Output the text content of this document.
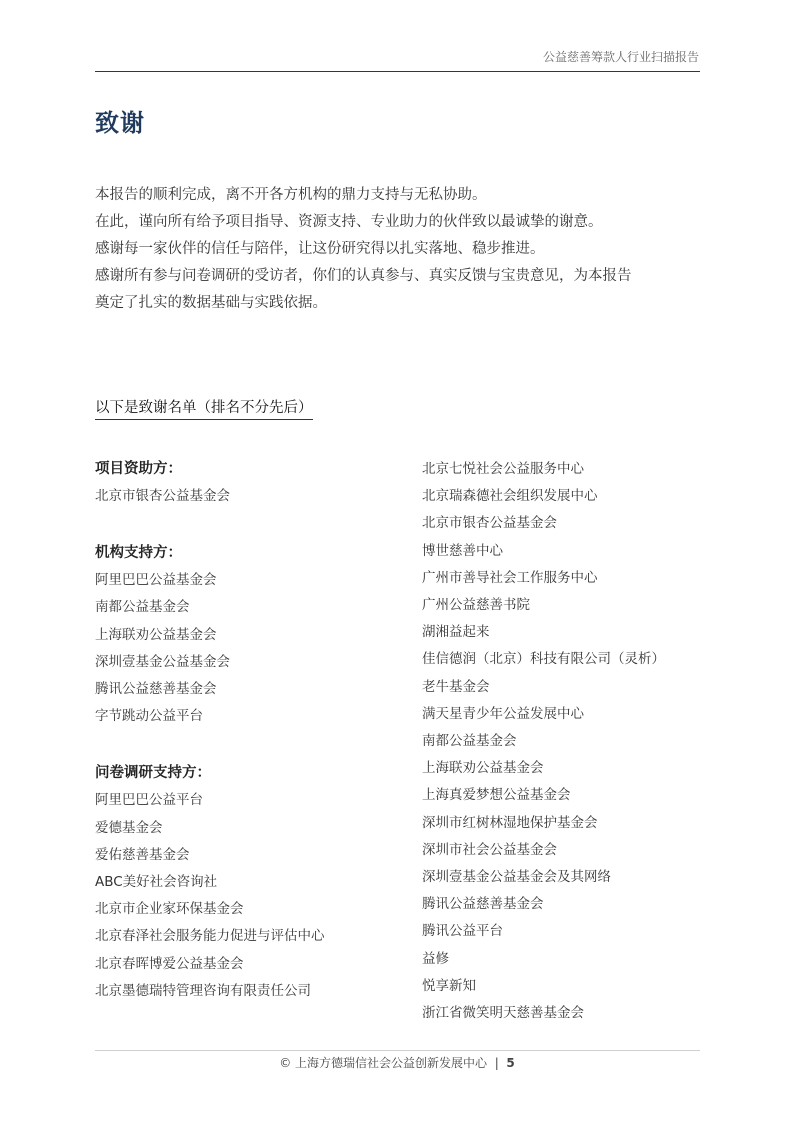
公益慈善筹款人行业扫描报告
致谢

本报告的顺利完成，离不开各方机构的鼎力支持与无私协助。

在此，谨向所有给予项目指导、资源支持、专业助力的伙伴致以最诚挚的谢意。

感谢每一家伙伴的信任与陪伴，让这份研究得以扎实落地、稳步推进。

感谢所有参与问卷调研的受访者，你们的认真参与、真实反馈与宝贵意见，为本报告

奠定了扎实的数据基础与实践依据。

以下是致谢名单（排名不分先后）

项目资助方：

北京市银杏公益基金会

机构支持方：

阿里巴巴公益基金会

南都公益基金会

上海联劝公益基金会

深圳壹基金公益基金会

腾讯公益慈善基金会

字节跳动公益平台

问卷调研支持方：

阿里巴巴公益平台

爱德基金会

爱佑慈善基金会

ABC美好社会咨询社

北京市企业家环保基金会

北京春泽社会服务能力促进与评估中心

北京春晖博爱公益基金会

北京墨德瑞特管理咨询有限责任公司

北京七悦社会公益服务中心

北京瑞森德社会组织发展中心

北京市银杏公益基金会

博世慈善中心

广州市善导社会工作服务中心

广州公益慈善书院

湖湘益起来

佳信德润（北京）科技有限公司（灵析）

老牛基金会

满天星青少年公益发展中心

南都公益基金会

上海联劝公益基金会

上海真爱梦想公益基金会

深圳市红树林湿地保护基金会

深圳市社会公益基金会

深圳壹基金公益基金会及其网络

腾讯公益慈善基金会

腾讯公益平台

益修

悦享新知

浙江省微笑明天慈善基金会

© 上海方德瑞信社会公益创新发展中心 | 5
